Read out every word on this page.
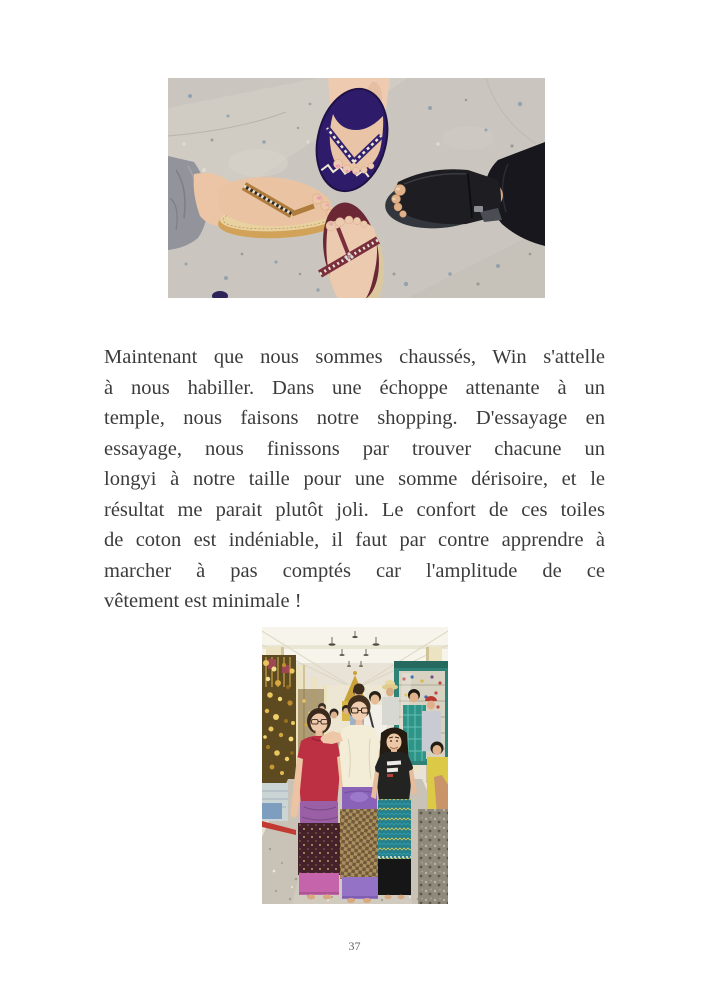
Maintenant que nous sommes chaussés, Win s'attelle
à nous habiller. Dans une échoppe attenante à un
temple, nous faisons notre shopping. D'essayage en
essayage, nous finissons par trouver chacune un
longyi à notre taille pour une somme dérisoire, et le
résultat me parait plutôt joli. Le confort de ces toiles
de coton est indéniable, il faut par contre apprendre à
marcher à pas comptés car l'amplitude de ce
vêtement est minimale !
37
